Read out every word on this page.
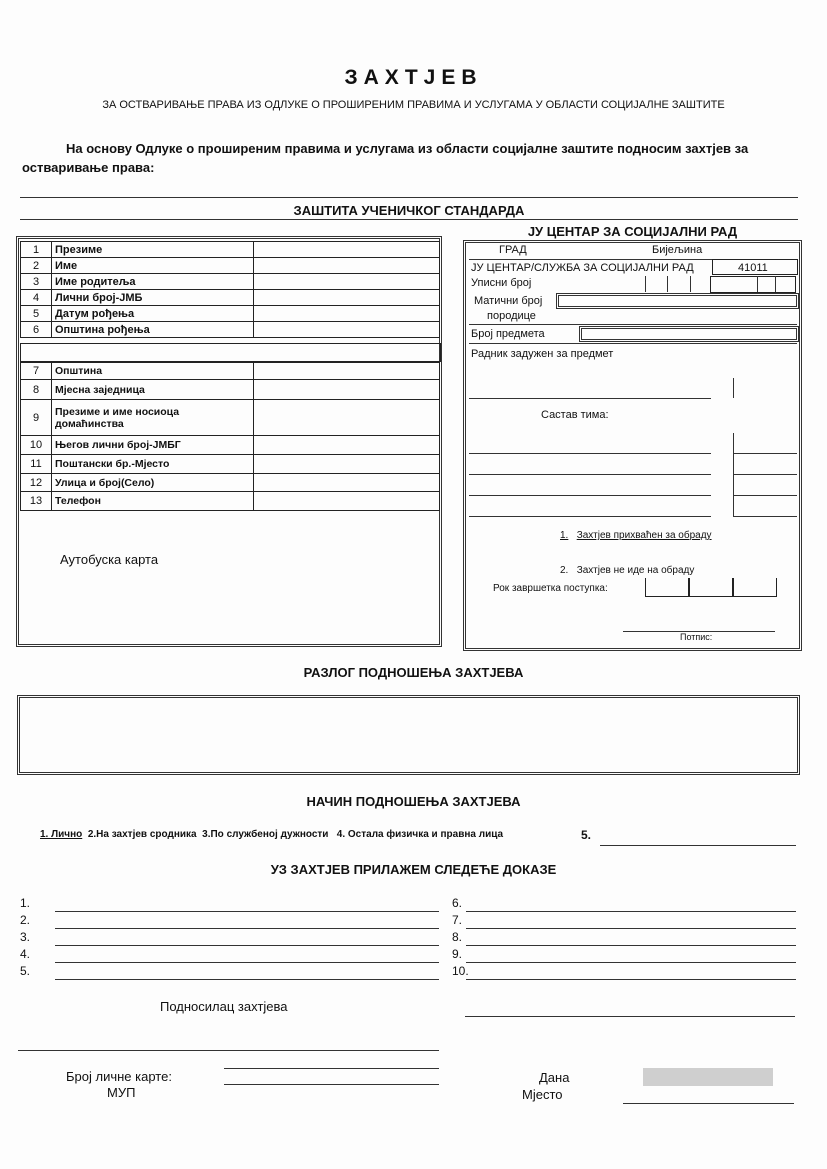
ЗАХТЈЕВ
ЗА ОСТВАРИВАЊЕ ПРАВА ИЗ ОДЛУКЕ О ПРОШИРЕНИМ ПРАВИМА И УСЛУГАМА У ОБЛАСТИ СОЦИЈАЛНЕ ЗАШТИТЕ
На основу Одлуке о проширеним правима и услугама из области социјалне заштите подносим захтјев за остваривање права:
ЗАШТИТА УЧЕНИЧКОГ СТАНДАРДА
1	Презиме	
2	Име	
3	Име родитеља	
4	Лични број-ЈМБ	
5	Датум рођења	
6	Општина рођења	
7	Општина	
8	Мјесна заједница	
9	Презиме и име носиоца домаћинства	
10	Његов лични број-ЈМБГ	
11	Поштански бр.-Мјесто	
12	Улица и број(Село)	
13	Телефон	
Аутобуска карта
ЈУ ЦЕНТАР ЗА СОЦИЈАЛНИ РАД
ГРАД	Бијељина
ЈУ ЦЕНТАР/СЛУЖБА ЗА СОЦИЈАЛНИ РАД	41011
Уписни број
Матични број
породице
Број предмета
Радник задужен за предмет
Састав тима:
1. Захтјев прихваћен за обраду
2. Захтјев не иде на обраду
Рок завршетка поступка:
Потпис:
РАЗЛОГ ПОДНОШЕЊА ЗАХТЈЕВА
НАЧИН ПОДНОШЕЊА ЗАХТЈЕВА
1. Лично 2.На захтјев сродника 3.По службеној дужности 4. Остала физичка и правна лица	5.
УЗ ЗАХТЈЕВ ПРИЛАЖЕМ СЛЕДЕЋЕ ДОКАЗЕ
1.
2.
3.
4.
5.
6.
7.
8.
9.
10.
Подносилац захтјева
Број личне карте:
МУП
Дана
Мјесто
